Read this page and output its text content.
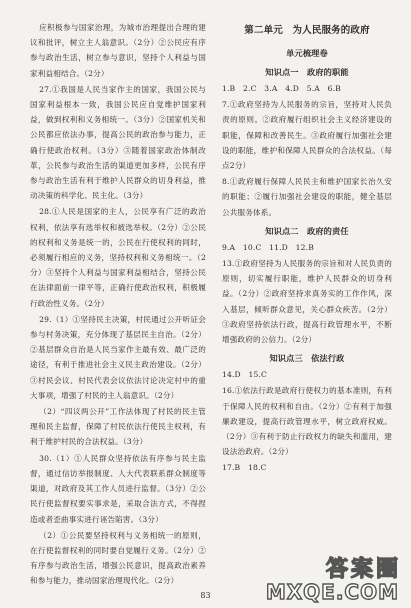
应积极参与国家治理，为城市治理提出合理的建议和批评，树立主人翁意识。（2分）②公民应有序参与政治生活，树立参与意识，坚持个人利益与国家利益相结合。（2分）

27.①我国是人民当家作主的国家，我国公民与国家利益根本一致，我国公民应自觉维护国家利益，做到权利和义务相统一。（3分）②国家机关和公民都应依法办事，提高公民的政治参与能力，正确行使政治权利。（3分）③随着国家政治体制改革，公民参与政治生活的渠道更加多样，公民有序参与政治生活有利于维护人民群众的切身利益，推动决策的科学化、民主化。（3分）

28.①人民是国家的主人，公民享有广泛的政治权利，依法享有选举权和被选举权。（2分）②公民的权利和义务是统一的，公民在行使权利的同时，必须履行相应的义务，坚持权利和义务相统一。（2分）③坚持个人利益与国家利益相结合，坚持公民在法律面前一律平等，正确行使政治权利，积极履行政治性义务。（2分）

29.（1）①坚持民主决策，村民通过公开听证会参与村务决策，充分体现了基层民主自治。（2分）②基层群众自治是人民当家作主最有效、最广泛的途径，有利于推进社会主义民主政治建设。（2分）③村民会议、村民代表会议依法讨论决定村中的重大事项，增强了村民的主人翁意识。（2分）

（2）“四议两公开”工作法体现了村民的民主管理和民主监督，保障了村民依法行使民主权利，有利于维护村民的合法权益。（3分）

30.（1）①人民群众坚持依法有序参与民主监督，通过信访举报制度、人大代表联系群众制度等渠道，对政府及其工作人员进行监督。（3分）②公民行使监督权要实事求是，采取合法方式，不得捏造或者歪曲事实进行诬告陷害。（3分）

（2）①公民要坚持权利与义务相统一的原则，在行使监督权利的同时要自觉履行义务。（2分）②有序参与政治生活，增强公民意识，提高政治素养和参与能力，推动国家治理现代化。（2分）

第二单元　为人民服务的政府
单元梳理卷
知识点一　政府的职能

1.B　2.C　3.A　4.D　5.A　6.B

7.①政府坚持为人民服务的宗旨，坚持对人民负责的原则。②政府履行组织社会主义经济建设的职能，保障和改善民生。③政府履行加强社会建设的职能，维护和保障人民群众的合法权益。（每点2分）

8.①政府履行保障人民民主和维护国家长治久安的职能；②履行加强社会建设的职能，健全基层公共服务体系。

知识点二　政府的责任

9.A　10.C　11.D　12.B

13.①政府坚持为人民服务的宗旨和对人民负责的原则，切实履行职能，维护人民群众的切身利益。（2分）②政府坚持求真务实的工作作风，深入基层，倾听群众意见，关心群众疾苦。（2分）③政府坚持依法行政，提高行政管理水平，不断增强政府的公信力。（2分）

知识点三　依法行政

14.D　15.C

16.①依法行政是政府行使权力的基本准则，有利于保障人民的权利和自由。（2分）②有利于加强廉政建设，提高行政管理水平，树立政府权威。（2分）③有利于防止行政权力的缺失和滥用，建设法治政府。（2分）

17.B　18.C

83
答案圈
MXQE.COM
